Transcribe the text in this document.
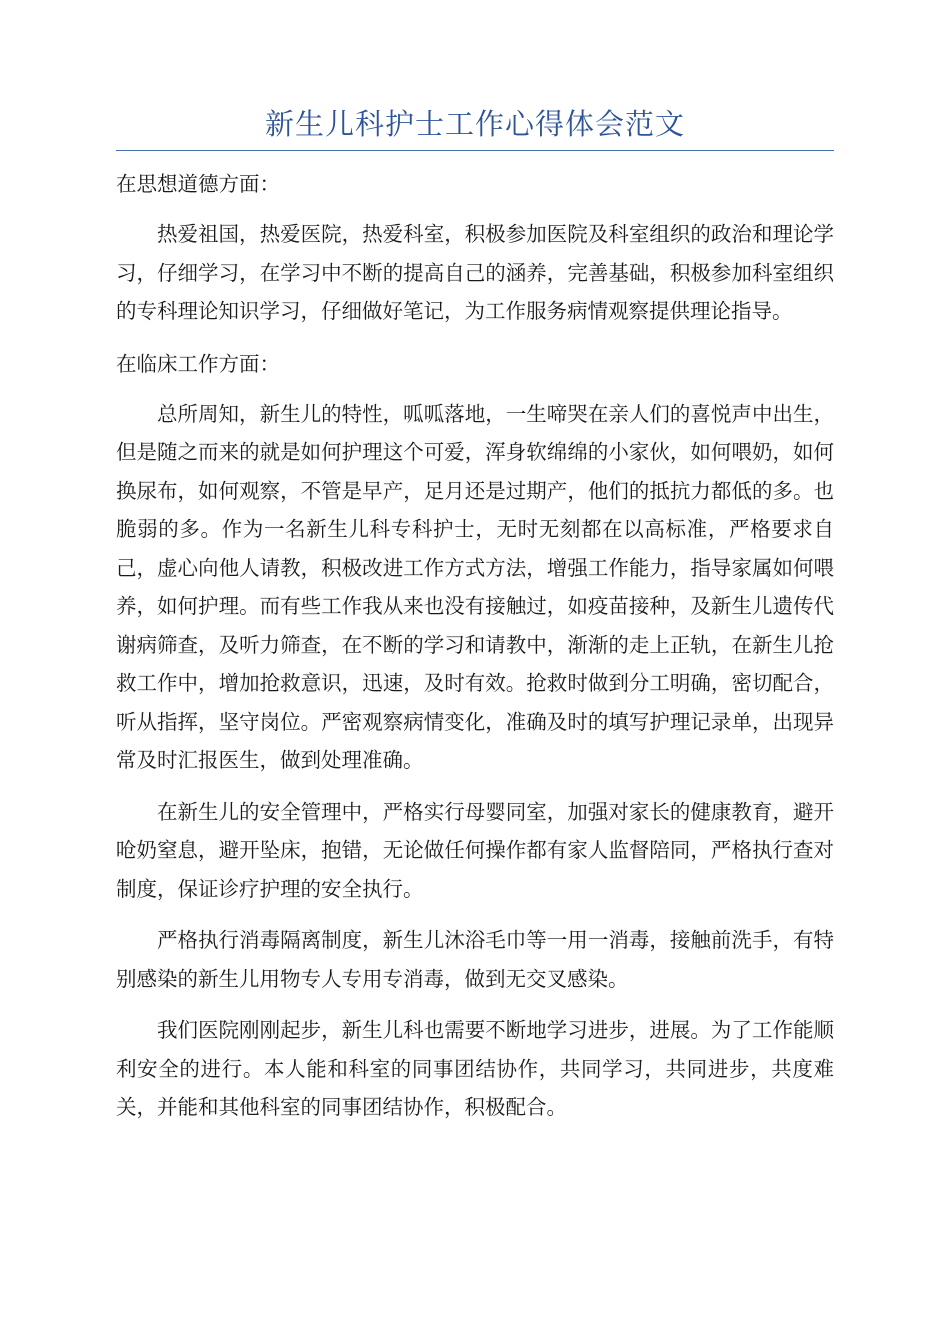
新生儿科护士工作心得体会范文

在思想道德方面：

热爱祖国，热爱医院，热爱科室，积极参加医院及科室组织的政治和理论学习，仔细学习，在学习中不断的提高自己的涵养，完善基础，积极参加科室组织的专科理论知识学习，仔细做好笔记，为工作服务病情观察提供理论指导。

在临床工作方面：

总所周知，新生儿的特性，呱呱落地，一生啼哭在亲人们的喜悦声中出生，但是随之而来的就是如何护理这个可爱，浑身软绵绵的小家伙，如何喂奶，如何换尿布，如何观察，不管是早产，足月还是过期产，他们的抵抗力都低的多。也脆弱的多。作为一名新生儿科专科护士，无时无刻都在以高标准，严格要求自己，虚心向他人请教，积极改进工作方式方法，增强工作能力，指导家属如何喂养，如何护理。而有些工作我从来也没有接触过，如疫苗接种，及新生儿遗传代谢病筛查，及听力筛查，在不断的学习和请教中，渐渐的走上正轨，在新生儿抢救工作中，增加抢救意识，迅速，及时有效。抢救时做到分工明确，密切配合，听从指挥，坚守岗位。严密观察病情变化，准确及时的填写护理记录单，出现异常及时汇报医生，做到处理准确。

在新生儿的安全管理中，严格实行母婴同室，加强对家长的健康教育，避开呛奶窒息，避开坠床，抱错，无论做任何操作都有家人监督陪同，严格执行查对制度，保证诊疗护理的安全执行。

严格执行消毒隔离制度，新生儿沐浴毛巾等一用一消毒，接触前洗手，有特别感染的新生儿用物专人专用专消毒，做到无交叉感染。

我们医院刚刚起步，新生儿科也需要不断地学习进步，进展。为了工作能顺利安全的进行。本人能和科室的同事团结协作，共同学习，共同进步，共度难关，并能和其他科室的同事团结协作，积极配合。
